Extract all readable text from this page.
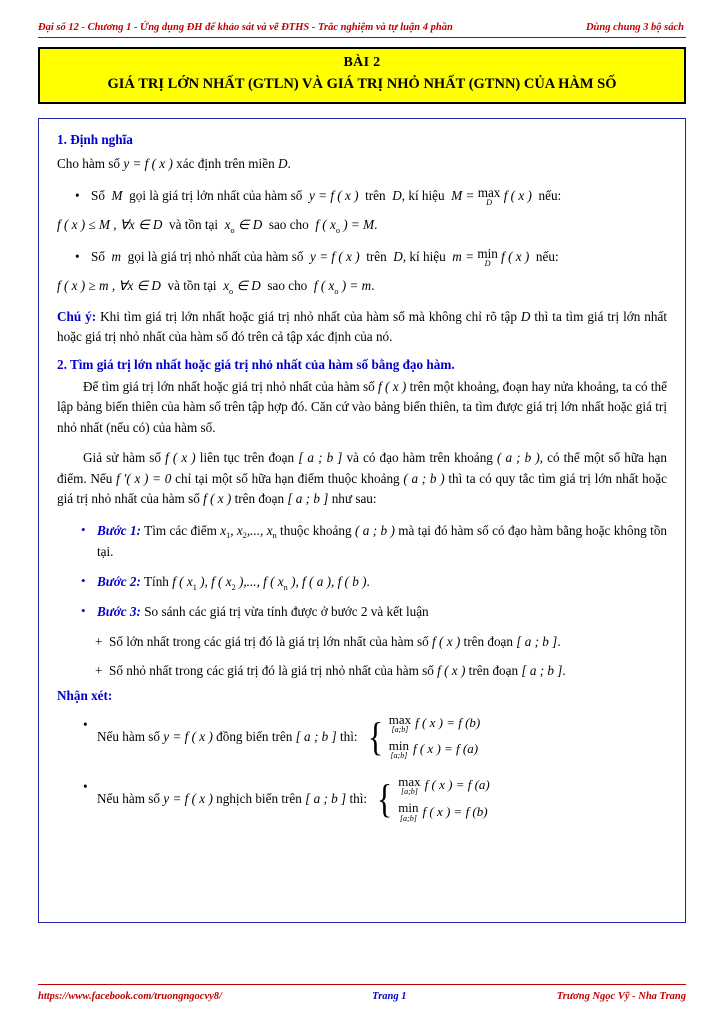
Đại số 12 - Chương 1 - Ứng dụng ĐH để khảo sát và vẽ ĐTHS - Trắc nghiệm và tự luận 4 phần	Dùng chung 3 bộ sách
BÀI 2
GIÁ TRỊ LỚN NHẤT (GTLN) VÀ GIÁ TRỊ NHỎ NHẤT (GTNN) CỦA HÀM SỐ
1. Định nghĩa

Cho hàm số y = f ( x ) xác định trên miền D.

• Số M gọi là giá trị lớn nhất của hàm số y = f ( x ) trên D, kí hiệu M = max
D f ( x ) nếu:
f ( x ) ≤ M , ∀x ∈ D và tồn tại xo ∈ D sao cho f ( xo ) = M.
• Số m gọi là giá trị nhỏ nhất của hàm số y = f ( x ) trên D, kí hiệu m = min
D f ( x ) nếu:
f ( x ) ≥ m , ∀x ∈ D và tồn tại xo ∈ D sao cho f ( xo ) = m.

Chú ý: Khi tìm giá trị lớn nhất hoặc giá trị nhỏ nhất của hàm số mà không chỉ rõ tập D thì ta tìm giá trị lớn nhất hoặc giá trị nhỏ nhất của hàm số đó trên cả tập xác định của nó.

2. Tìm giá trị lớn nhất hoặc giá trị nhỏ nhất của hàm số bằng đạo hàm.

Để tìm giá trị lớn nhất hoặc giá trị nhỏ nhất của hàm số f ( x ) trên một khoảng, đoạn hay nửa khoảng, ta có thể lập bảng biến thiên của hàm số trên tập hợp đó. Căn cứ vào bảng biến thiên, ta tìm được giá trị lớn nhất hoặc giá trị nhỏ nhất (nếu có) của hàm số.

Giả sử hàm số f ( x ) liên tục trên đoạn [ a ; b ] và có đạo hàm trên khoảng ( a ; b ), có thể một số hữa hạn điểm. Nếu f '( x ) = 0 chỉ tại một số hữa hạn điểm thuộc khoảng ( a ; b ) thì ta có quy tắc tìm giá trị lớn nhất hoặc giá trị nhỏ nhất của hàm số f ( x ) trên đoạn [ a ; b ] như sau:

• Bước 1: Tìm các điểm x1, x2,..., xn thuộc khoảng ( a ; b ) mà tại đó hàm số có đạo hàm bằng hoặc không tồn tại.
• Bước 2: Tính f ( x1 ), f ( x2 ),..., f ( xn ), f ( a ), f ( b ).
• Bước 3: So sánh các giá trị vừa tính được ở bước 2 và kết luận
+ Số lớn nhất trong các giá trị đó là giá trị lớn nhất của hàm số f ( x ) trên đoạn [ a ; b ].
+ Số nhỏ nhất trong các giá trị đó là giá trị nhỏ nhất của hàm số f ( x ) trên đoạn [ a ; b ].
Nhận xét:
• Nếu hàm số y = f ( x ) đồng biến trên [ a ; b ] thì: { max
[a;b] f ( x ) = f (b)
min
[a;b] f ( x ) = f (a)
• Nếu hàm số y = f ( x ) nghịch biến trên [ a ; b ] thì: { max
[a;b] f ( x ) = f (a)
min
[a;b] f ( x ) = f (b)
https://www.facebook.com/truongngocvy8/	Trang 1	Trương Ngọc Vỹ - Nha Trang
